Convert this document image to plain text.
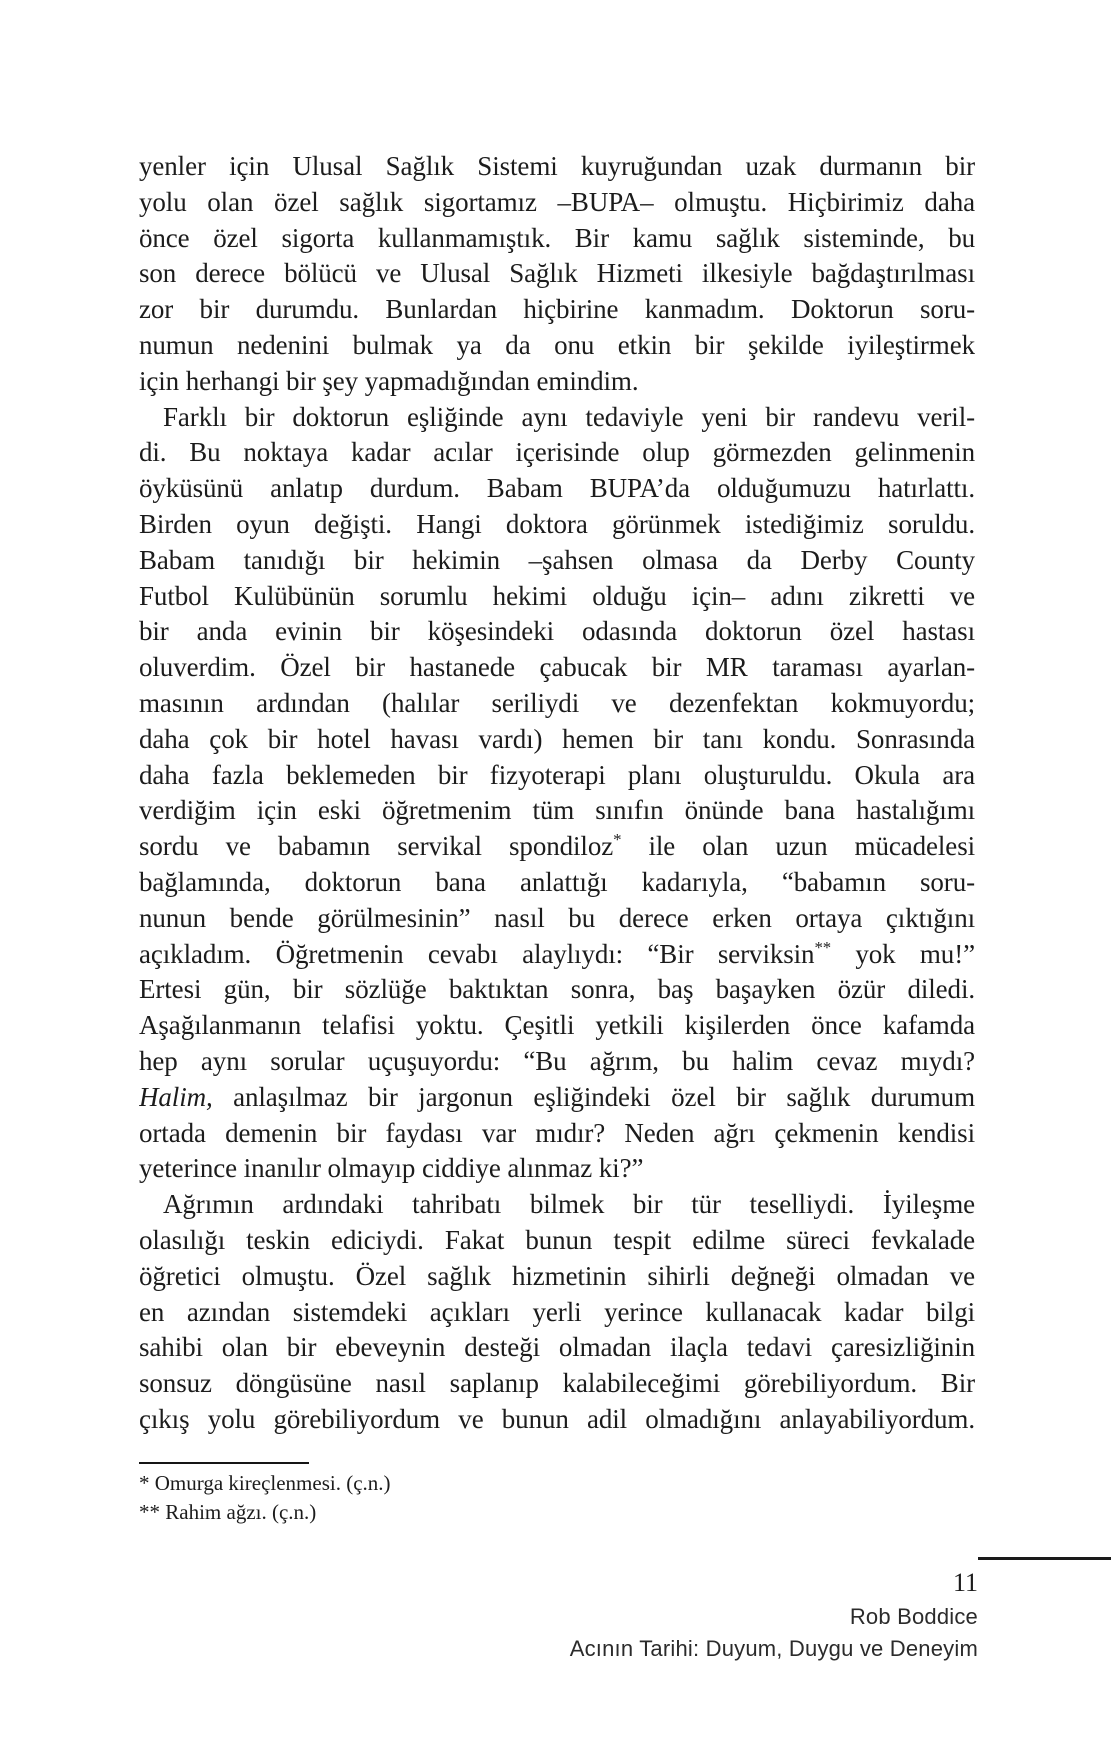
yenler için Ulusal Sağlık Sistemi kuyruğundan uzak durmanın bir
yolu olan özel sağlık sigortamız –BUPA– olmuştu. Hiçbirimiz daha
önce özel sigorta kullanmamıştık. Bir kamu sağlık sisteminde, bu
son derece bölücü ve Ulusal Sağlık Hizmeti ilkesiyle bağdaştırılması
zor bir durumdu. Bunlardan hiçbirine kanmadım. Doktorun soru-
numun nedenini bulmak ya da onu etkin bir şekilde iyileştirmek
için herhangi bir şey yapmadığından emindim.
Farklı bir doktorun eşliğinde aynı tedaviyle yeni bir randevu veril-
di. Bu noktaya kadar acılar içerisinde olup görmezden gelinmenin
öyküsünü anlatıp durdum. Babam BUPA’da olduğumuzu hatırlattı.
Birden oyun değişti. Hangi doktora görünmek istediğimiz soruldu.
Babam tanıdığı bir hekimin –şahsen olmasa da Derby County
Futbol Kulübünün sorumlu hekimi olduğu için– adını zikretti ve
bir anda evinin bir köşesindeki odasında doktorun özel hastası
oluverdim. Özel bir hastanede çabucak bir MR taraması ayarlan-
masının ardından (halılar seriliydi ve dezenfektan kokmuyordu;
daha çok bir hotel havası vardı) hemen bir tanı kondu. Sonrasında
daha fazla beklemeden bir fizyoterapi planı oluşturuldu. Okula ara
verdiğim için eski öğretmenim tüm sınıfın önünde bana hastalığımı
sordu ve babamın servikal spondiloz* ile olan uzun mücadelesi
bağlamında, doktorun bana anlattığı kadarıyla, “babamın soru-
nunun bende görülmesinin” nasıl bu derece erken ortaya çıktığını
açıkladım. Öğretmenin cevabı alaylıydı: “Bir serviksin** yok mu!”
Ertesi gün, bir sözlüğe baktıktan sonra, baş başayken özür diledi.
Aşağılanmanın telafisi yoktu. Çeşitli yetkili kişilerden önce kafamda
hep aynı sorular uçuşuyordu: “Bu ağrım, bu halim cevaz mıydı?
Halim, anlaşılmaz bir jargonun eşliğindeki özel bir sağlık durumum
ortada demenin bir faydası var mıdır? Neden ağrı çekmenin kendisi
yeterince inanılır olmayıp ciddiye alınmaz ki?”
Ağrımın ardındaki tahribatı bilmek bir tür teselliydi. İyileşme
olasılığı teskin ediciydi. Fakat bunun tespit edilme süreci fevkalade
öğretici olmuştu. Özel sağlık hizmetinin sihirli değneği olmadan ve
en azından sistemdeki açıkları yerli yerince kullanacak kadar bilgi
sahibi olan bir ebeveynin desteği olmadan ilaçla tedavi çaresizliğinin
sonsuz döngüsüne nasıl saplanıp kalabileceğimi görebiliyordum. Bir
çıkış yolu görebiliyordum ve bunun adil olmadığını anlayabiliyordum.
* Omurga kireçlenmesi. (ç.n.)
** Rahim ağzı. (ç.n.)
11
Rob Boddice
Acının Tarihi: Duyum, Duygu ve Deneyim
